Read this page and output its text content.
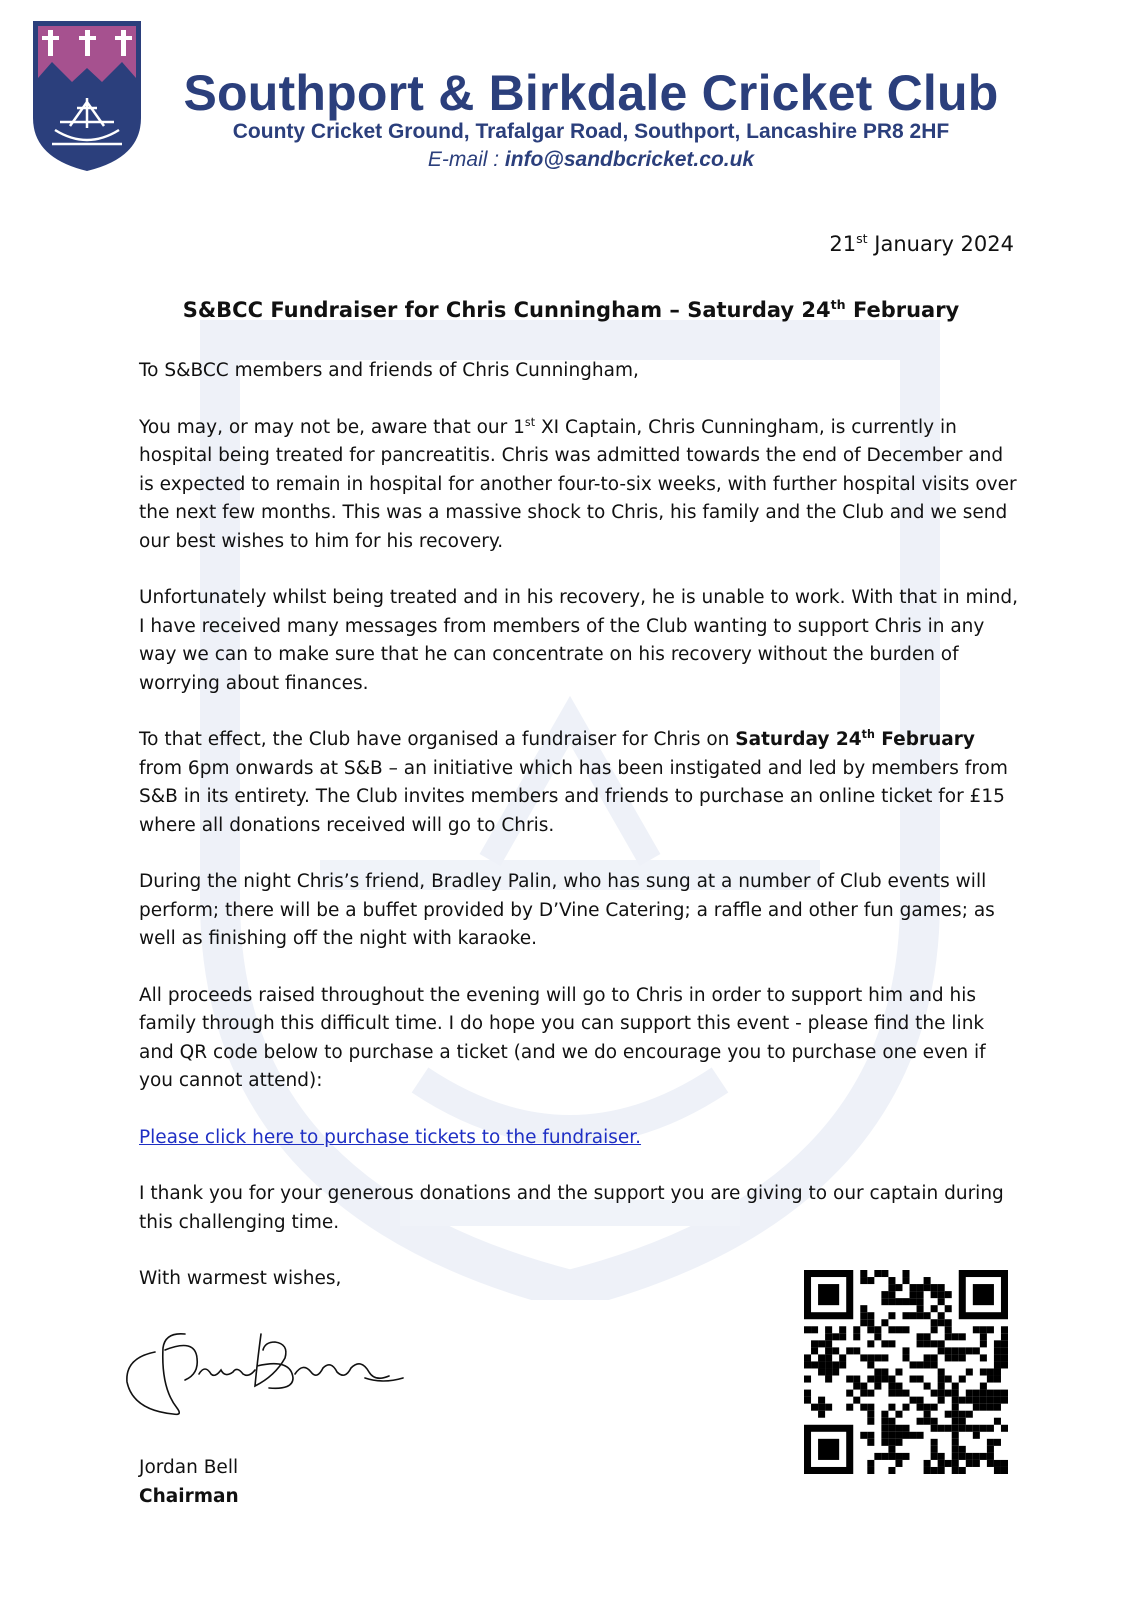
Southport & Birkdale Cricket Club
County Cricket Ground, Trafalgar Road, Southport, Lancashire PR8 2HF
E-mail : info@sandbcricket.co.uk
21st January 2024
S&BCC Fundraiser for Chris Cunningham – Saturday 24th February

To S&BCC members and friends of Chris Cunningham,

You may, or may not be, aware that our 1st XI Captain, Chris Cunningham, is currently in hospital being treated for pancreatitis. Chris was admitted towards the end of December and is expected to remain in hospital for another four-to-six weeks, with further hospital visits over the next few months. This was a massive shock to Chris, his family and the Club and we send our best wishes to him for his recovery.

Unfortunately whilst being treated and in his recovery, he is unable to work. With that in mind, I have received many messages from members of the Club wanting to support Chris in any way we can to make sure that he can concentrate on his recovery without the burden of worrying about finances.

To that effect, the Club have organised a fundraiser for Chris on Saturday 24th February from 6pm onwards at S&B – an initiative which has been instigated and led by members from S&B in its entirety. The Club invites members and friends to purchase an online ticket for £15 where all donations received will go to Chris.

During the night Chris’s friend, Bradley Palin, who has sung at a number of Club events will perform; there will be a buffet provided by D’Vine Catering; a raffle and other fun games; as well as finishing off the night with karaoke.

All proceeds raised throughout the evening will go to Chris in order to support him and his family through this difficult time. I do hope you can support this event - please find the link and QR code below to purchase a ticket (and we do encourage you to purchase one even if you cannot attend):

Please click here to purchase tickets to the fundraiser.

I thank you for your generous donations and the support you are giving to our captain during this challenging time.

With warmest wishes,

Jordan Bell
Chairman
